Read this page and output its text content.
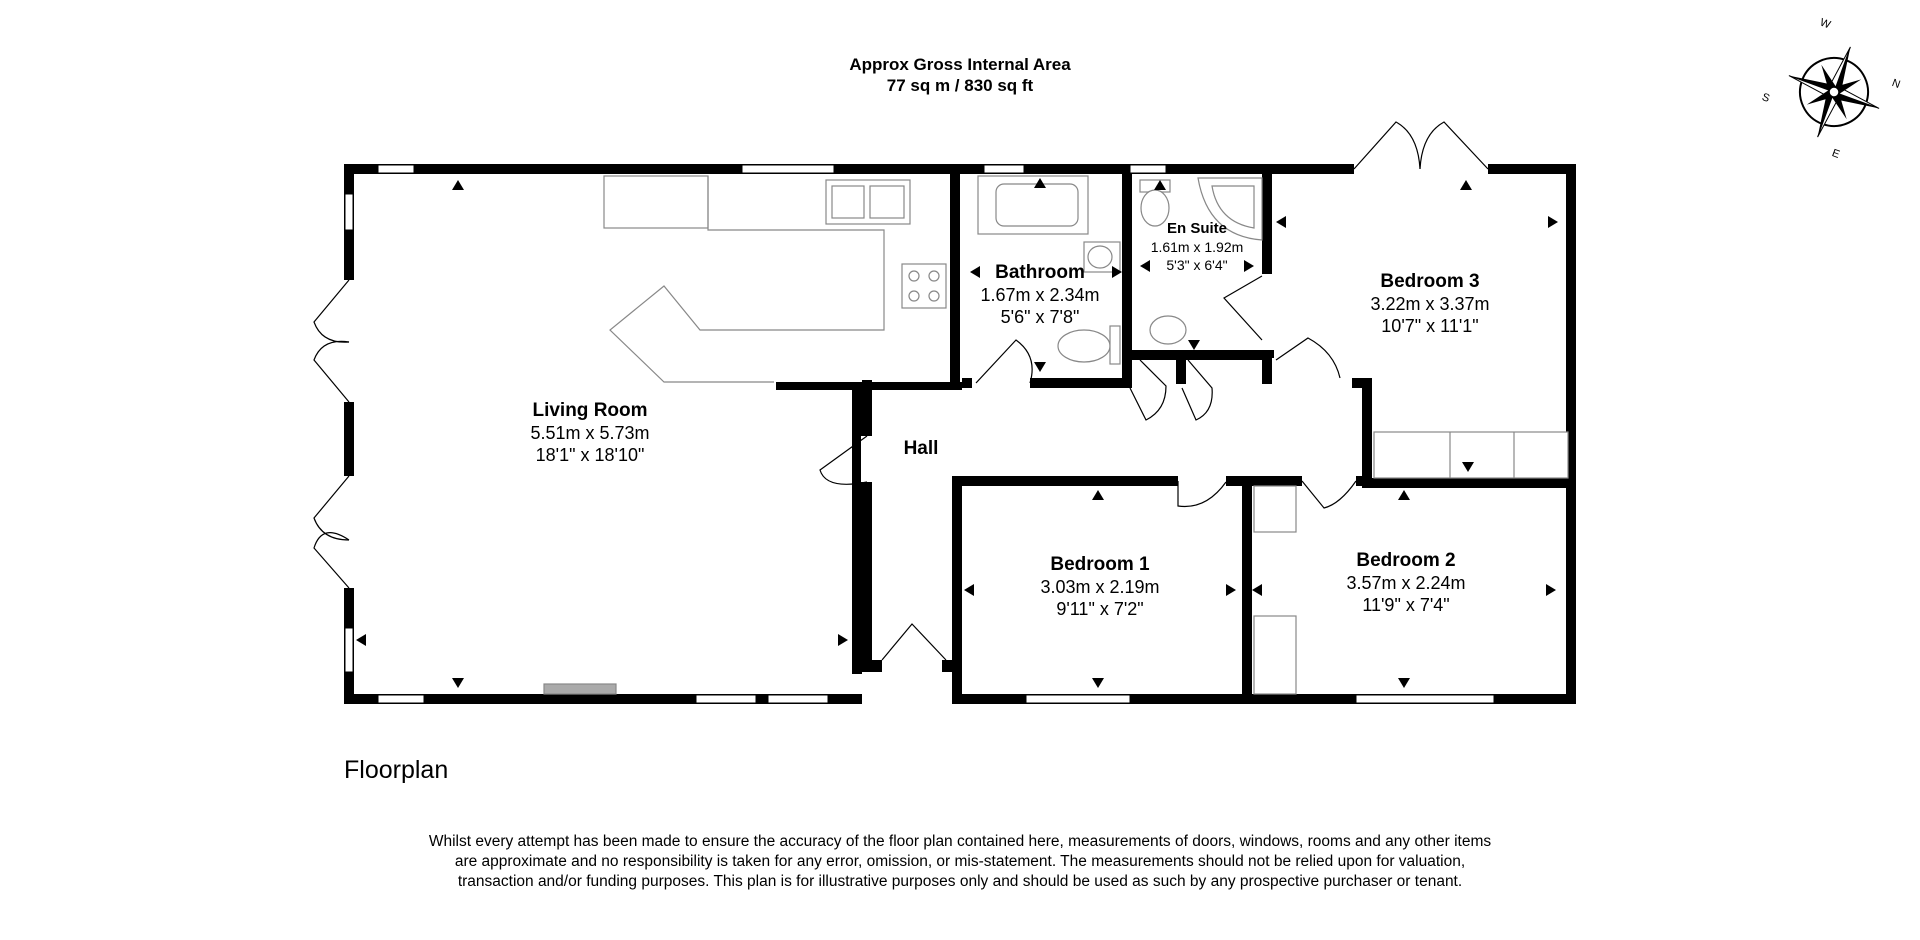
W
N
S
E
Approx Gross Internal Area
77 sq m / 830 sq ft
Living Room
5.51m x 5.73m
18'1" x 18'10"
Bathroom
1.67m x 2.34m
5'6" x 7'8"
En Suite
1.61m x 1.92m
5'3" x 6'4"
Bedroom 3
3.22m x 3.37m
10'7" x 11'1"
Hall
Bedroom 1
3.03m x 2.19m
9'11" x 7'2"
Bedroom 2
3.57m x 2.24m
11'9" x 7'4"
Floorplan
Whilst every attempt has been made to ensure the accuracy of the floor plan contained here, measurements of doors, windows, rooms and any other items are approximate and no responsibility is taken for any error, omission, or mis-statement. The measurements should not be relied upon for valuation, transaction and/or funding purposes. This plan is for illustrative purposes only and should be used as such by any prospective purchaser or tenant.
